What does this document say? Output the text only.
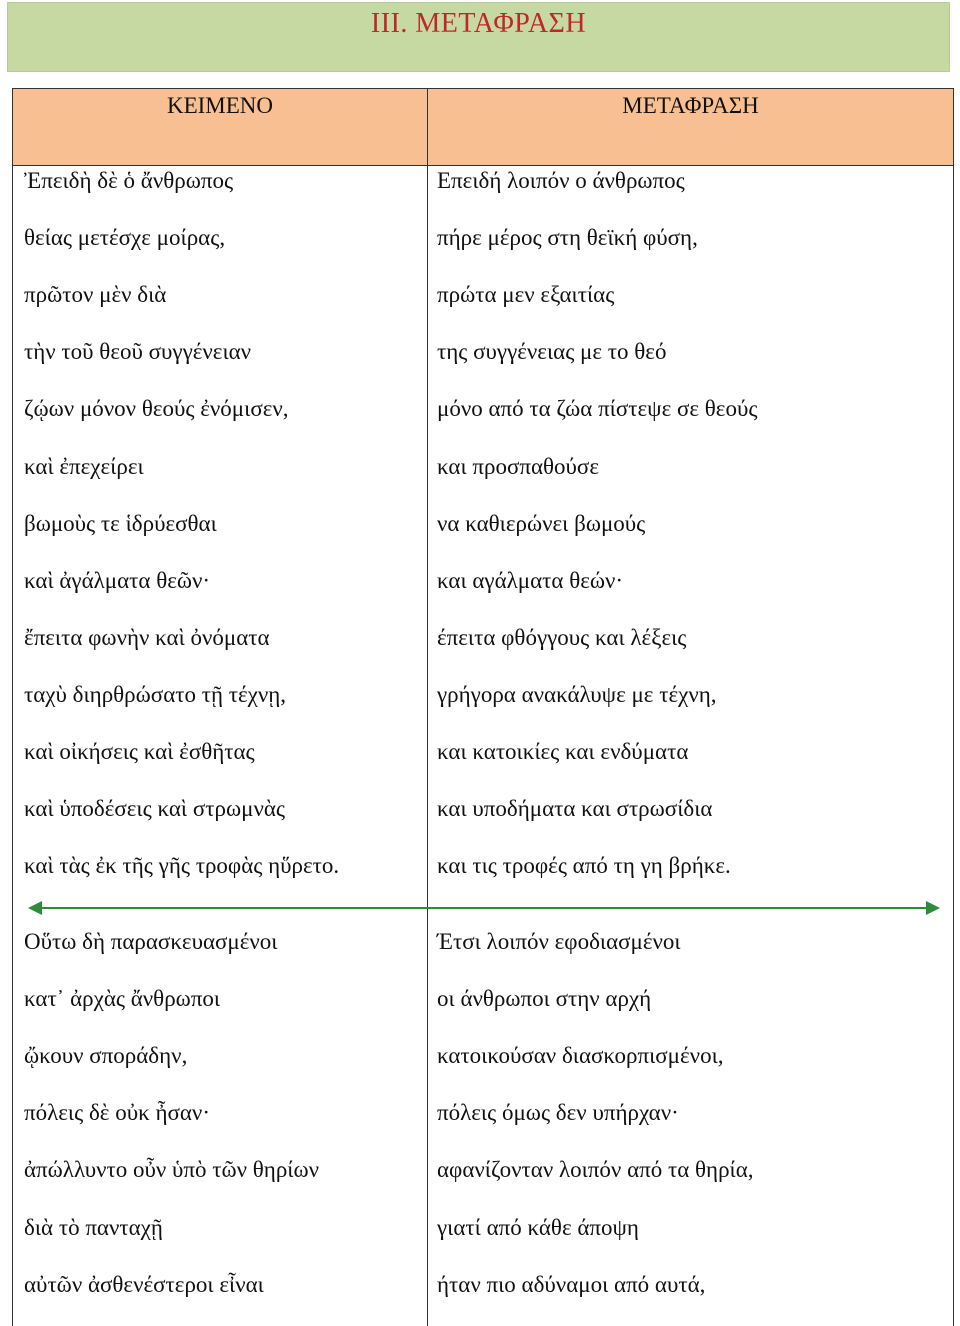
III. ΜΕΤΑΦΡΑΣΗ
ΚΕΙΜΕΝΟ	ΜΕΤΑΦΡΑΣΗ
Ἐπειδὴ δὲ ὁ ἄνθρωπος
θείας μετέσχε μοίρας,
πρῶτον μὲν διὰ
τὴν τοῦ θεοῦ συγγένειαν
ζῴων μόνον θεούς ἐνόμισεν,
καὶ ἐπεχείρει
βωμοὺς τε ἱδρύεσθαι
καὶ ἀγάλματα θεῶν·
ἔπειτα φωνὴν καὶ ὀνόματα
ταχὺ διηρθρώσατο τῇ τέχνῃ,
καὶ οἰκήσεις καὶ ἐσθῆτας
καὶ ὑποδέσεις καὶ στρωμνὰς
καὶ τὰς ἐκ τῆς γῆς τροφὰς ηὕρετο.
Επειδή λοιπόν ο άνθρωπος
πήρε μέρος στη θεϊκή φύση,
πρώτα μεν εξαιτίας
της συγγένειας με το θεό
μόνο από τα ζώα πίστεψε σε θεούς
και προσπαθούσε
να καθιερώνει βωμούς
και αγάλματα θεών·
έπειτα φθόγγους και λέξεις
γρήγορα ανακάλυψε με τέχνη,
και κατοικίες και ενδύματα
και υποδήματα και στρωσίδια
και τις τροφές από τη γη βρήκε.
Οὕτω δὴ παρασκευασμένοι
κατ᾽ ἀρχὰς ἄνθρωποι
ᾤκουν σποράδην,
πόλεις δὲ οὐκ ἦσαν·
ἀπώλλυντο οὖν ὑπὸ τῶν θηρίων
διὰ τὸ πανταχῇ
αὐτῶν ἀσθενέστεροι εἶναι
Έτσι λοιπόν εφοδιασμένοι
οι άνθρωποι στην αρχή
κατοικούσαν διασκορπισμένοι,
πόλεις όμως δεν υπήρχαν·
αφανίζονταν λοιπόν από τα θηρία,
γιατί από κάθε άποψη
ήταν πιο αδύναμοι από αυτά,
